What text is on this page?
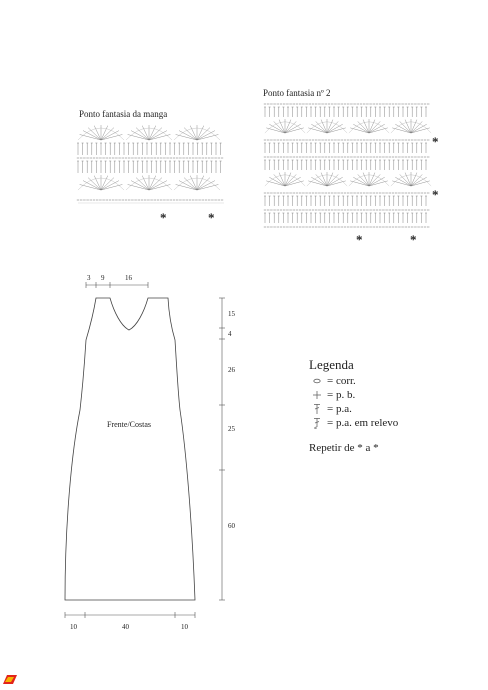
Ponto fantasia da manga
Ponto fantasia nº 2
*	*
*
*
*	*
Frente/Costas
3 9	16
15
4
26
25
60
10	40	10
Legenda
= corr.
= p. b.
= p.a.
= p.a. em relevo
Repetir de * a *
